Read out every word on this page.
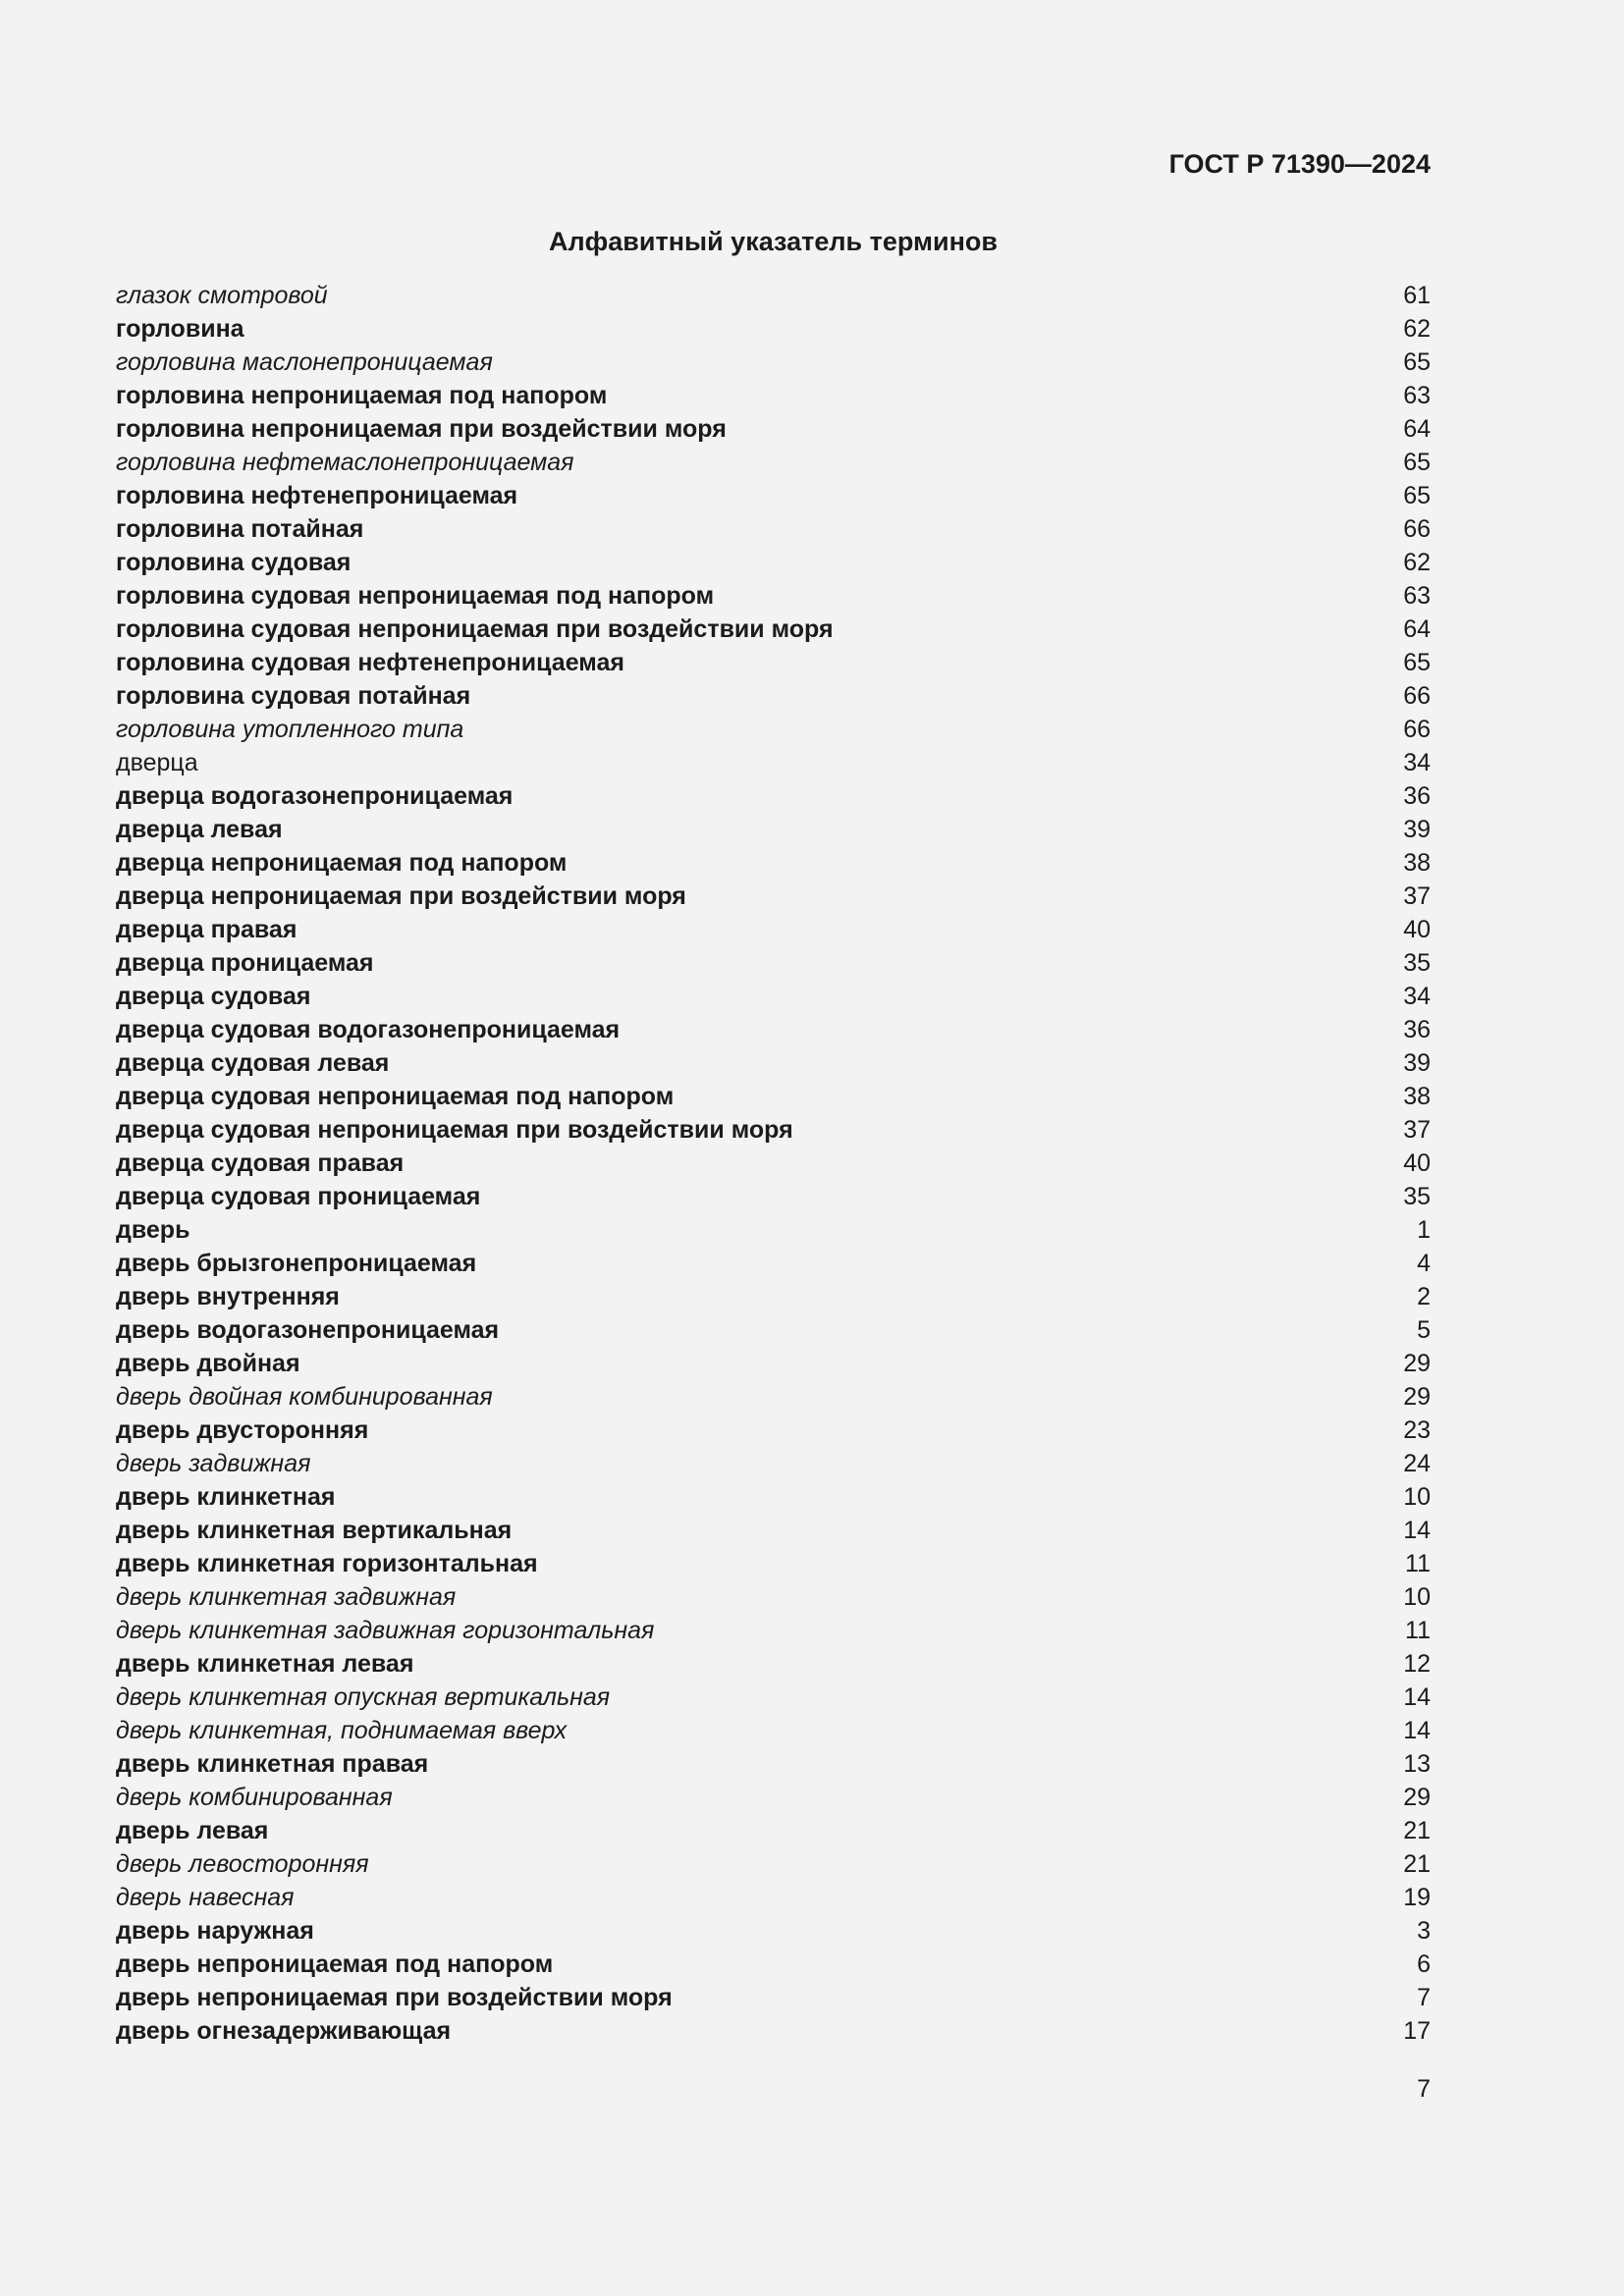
ГОСТ Р 71390—2024
Алфавитный указатель терминов
глазок смотровой	61
горловина	62
горловина маслонепроницаемая	65
горловина непроницаемая под напором	63
горловина непроницаемая при воздействии моря	64
горловина нефтемаслонепроницаемая	65
горловина нефтенепроницаемая	65
горловина потайная	66
горловина судовая	62
горловина судовая непроницаемая под напором	63
горловина судовая непроницаемая при воздействии моря	64
горловина судовая нефтенепроницаемая	65
горловина судовая потайная	66
горловина утопленного типа	66
дверца	34
дверца водогазонепроницаемая	36
дверца левая	39
дверца непроницаемая под напором	38
дверца непроницаемая при воздействии моря	37
дверца правая	40
дверца проницаемая	35
дверца судовая	34
дверца судовая водогазонепроницаемая	36
дверца судовая левая	39
дверца судовая непроницаемая под напором	38
дверца судовая непроницаемая при воздействии моря	37
дверца судовая правая	40
дверца судовая проницаемая	35
дверь	1
дверь брызгонепроницаемая	4
дверь внутренняя	2
дверь водогазонепроницаемая	5
дверь двойная	29
дверь двойная комбинированная	29
дверь двусторонняя	23
дверь задвижная	24
дверь клинкетная	10
дверь клинкетная вертикальная	14
дверь клинкетная горизонтальная	11
дверь клинкетная задвижная	10
дверь клинкетная задвижная горизонтальная	11
дверь клинкетная левая	12
дверь клинкетная опускная вертикальная	14
дверь клинкетная, поднимаемая вверх	14
дверь клинкетная правая	13
дверь комбинированная	29
дверь левая	21
дверь левосторонняя	21
дверь навесная	19
дверь наружная	3
дверь непроницаемая под напором	6
дверь непроницаемая при воздействии моря	7
дверь огнезадерживающая	17
7
